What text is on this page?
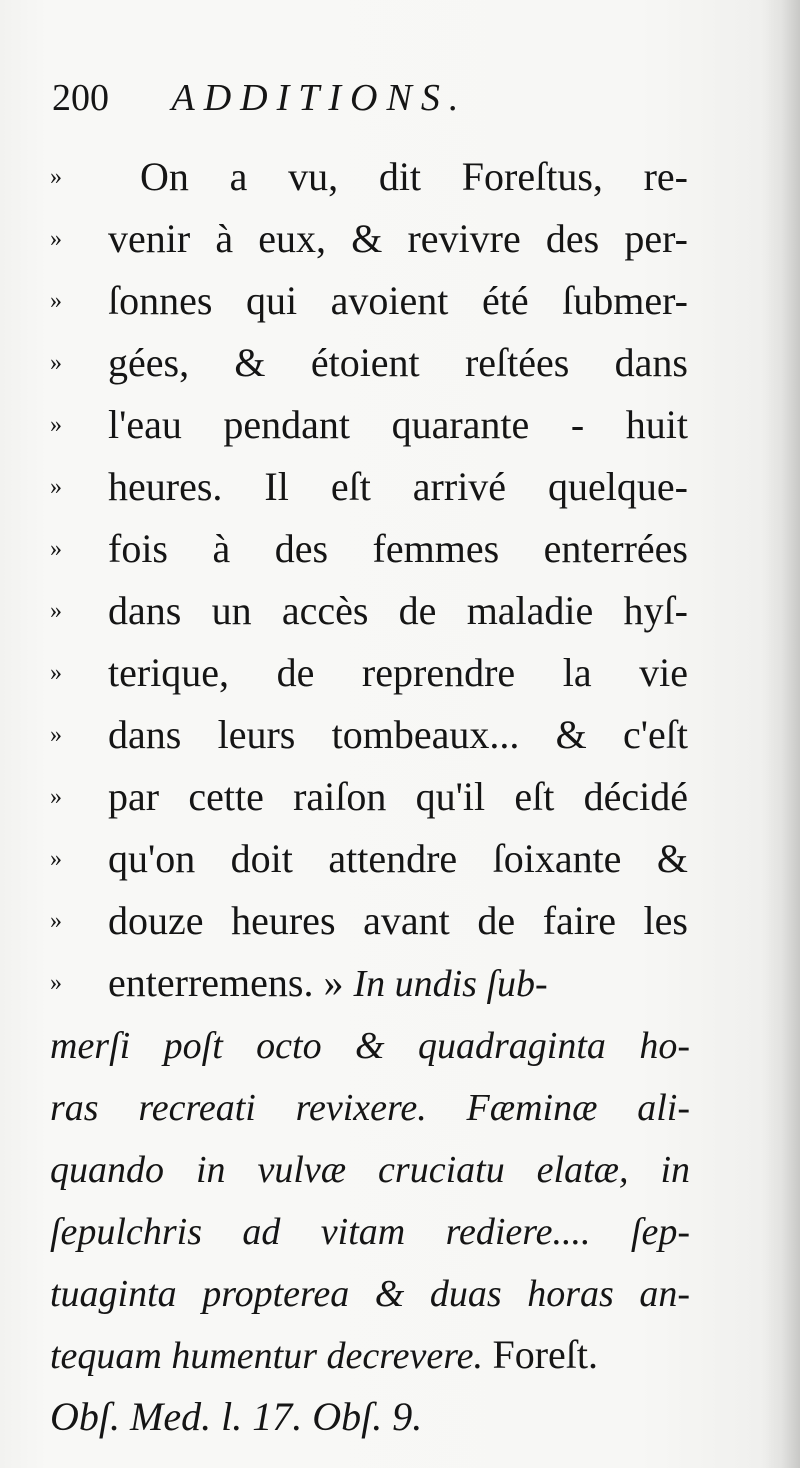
200 ADDITIONS.
» On a vu, dit Foreſtus, re-
» venir à eux, & revivre des per-
» ſonnes qui avoient été ſubmer-
» gées, & étoient reſtées dans
» l'eau pendant quarante - huit
» heures. Il eſt arrivé quelque-
» fois à des femmes enterrées
» dans un accès de maladie hyſ-
» terique, de reprendre la vie
» dans leurs tombeaux... & c'eſt
» par cette raiſon qu'il eſt décidé
» qu'on doit attendre ſoixante &
» douze heures avant de faire les
» enterremens. » In undis ſub-
merſi poſt octo & quadraginta ho-
ras recreati revixere. Fæminæ ali-
quando in vulvæ cruciatu elatæ, in
ſepulchris ad vitam rediere.... ſep-
tuaginta propterea & duas horas an-
tequam humentur decrevere. Foreſt.
Obſ. Med. l. 17. Obſ. 9.
